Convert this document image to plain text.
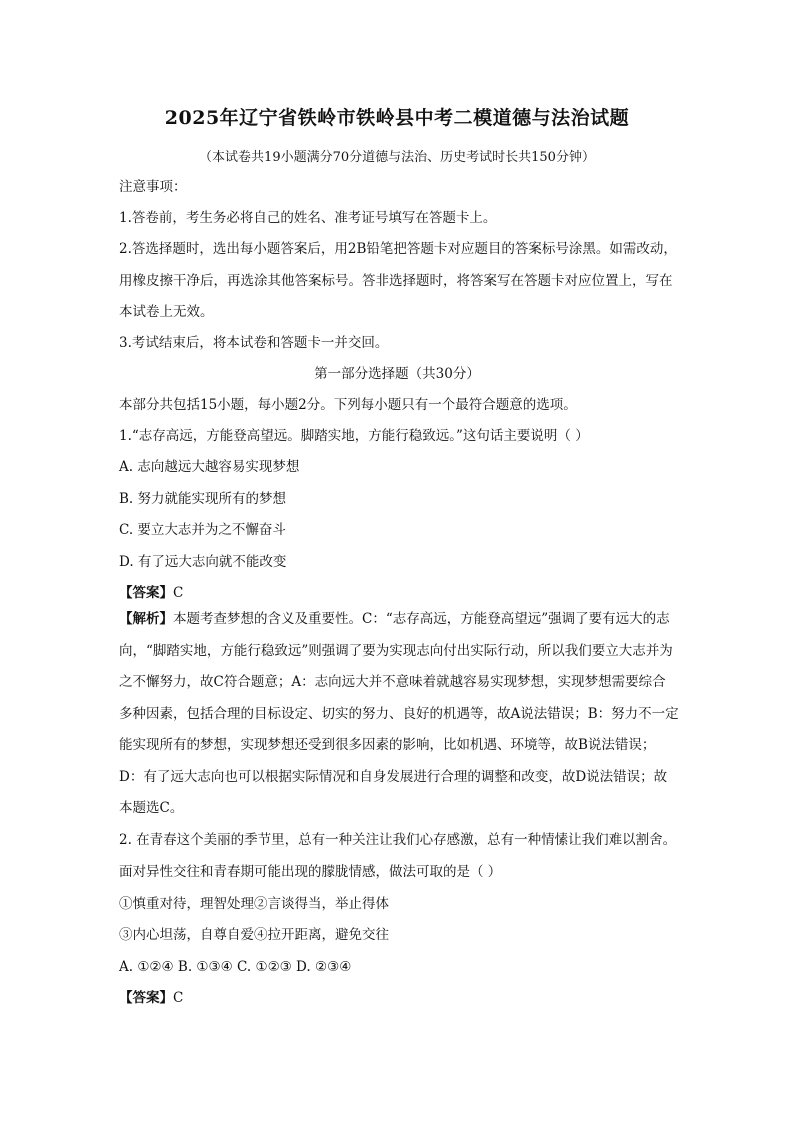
2025年辽宁省铁岭市铁岭县中考二模道德与法治试题
（本试卷共19小题满分70分道德与法治、历史考试时长共150分钟）
注意事项：
1.答卷前，考生务必将自己的姓名、准考证号填写在答题卡上。
2.答选择题时，选出每小题答案后，用2B铅笔把答题卡对应题目的答案标号涂黑。如需改动，用橡皮擦干净后，再选涂其他答案标号。答非选择题时，将答案写在答题卡对应位置上，写在本试卷上无效。
3.考试结束后，将本试卷和答题卡一并交回。
第一部分选择题（共30分）
本部分共包括15小题，每小题2分。下列每小题只有一个最符合题意的选项。
1.“志存高远，方能登高望远。脚踏实地，方能行稳致远。”这句话主要说明（ ）
A. 志向越远大越容易实现梦想
B. 努力就能实现所有的梦想
C. 要立大志并为之不懈奋斗
D. 有了远大志向就不能改变
【答案】C
【解析】本题考查梦想的含义及重要性。C：“志存高远，方能登高望远”强调了要有远大的志向，“脚踏实地，方能行稳致远”则强调了要为实现志向付出实际行动，所以我们要立大志并为之不懈努力，故C符合题意；A：志向远大并不意味着就越容易实现梦想，实现梦想需要综合多种因素，包括合理的目标设定、切实的努力、良好的机遇等，故A说法错误；B：努力不一定能实现所有的梦想，实现梦想还受到很多因素的影响，比如机遇、环境等，故B说法错误；D：有了远大志向也可以根据实际情况和自身发展进行合理的调整和改变，故D说法错误；故本题选C。
2. 在青春这个美丽的季节里，总有一种关注让我们心存感激，总有一种情愫让我们难以割舍。面对异性交往和青春期可能出现的朦胧情感，做法可取的是（ ）
①慎重对待，理智处理②言谈得当，举止得体
③内心坦荡，自尊自爱④拉开距离，避免交往
A. ①②④ B. ①③④ C. ①②③ D. ②③④
【答案】C
